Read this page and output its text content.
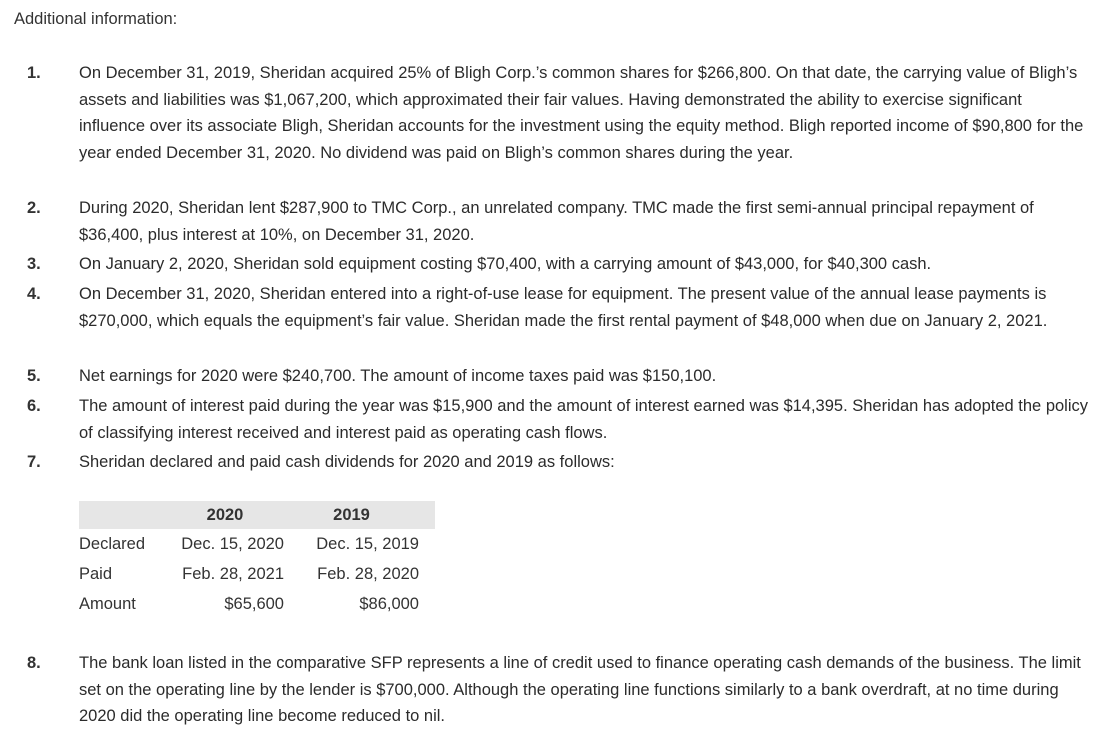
Additional information:
1.	On December 31, 2019, Sheridan acquired 25% of Bligh Corp.’s common shares for $266,800. On that date, the carrying value of Bligh’s assets and liabilities was $1,067,200, which approximated their fair values. Having demonstrated the ability to exercise significant influence over its associate Bligh, Sheridan accounts for the investment using the equity method. Bligh reported income of $90,800 for the year ended December 31, 2020. No dividend was paid on Bligh’s common shares during the year.
2.	During 2020, Sheridan lent $287,900 to TMC Corp., an unrelated company. TMC made the first semi-annual principal repayment of $36,400, plus interest at 10%, on December 31, 2020.
3.	On January 2, 2020, Sheridan sold equipment costing $70,400, with a carrying amount of $43,000, for $40,300 cash.
4.	On December 31, 2020, Sheridan entered into a right-of-use lease for equipment. The present value of the annual lease payments is $270,000, which equals the equipment’s fair value. Sheridan made the first rental payment of $48,000 when due on January 2, 2021.
5.	Net earnings for 2020 were $240,700. The amount of income taxes paid was $150,100.
6.	The amount of interest paid during the year was $15,900 and the amount of interest earned was $14,395. Sheridan has adopted the policy of classifying interest received and interest paid as operating cash flows.
7.	Sheridan declared and paid cash dividends for 2020 and 2019 as follows:
	2020	2019	
Declared	Dec. 15, 2020	Dec. 15, 2019	
Paid	Feb. 28, 2021	Feb. 28, 2020	
Amount	$65,600	$86,000	
8.	The bank loan listed in the comparative SFP represents a line of credit used to finance operating cash demands of the business. The limit set on the operating line by the lender is $700,000. Although the operating line functions similarly to a bank overdraft, at no time during 2020 did the operating line become reduced to nil.
